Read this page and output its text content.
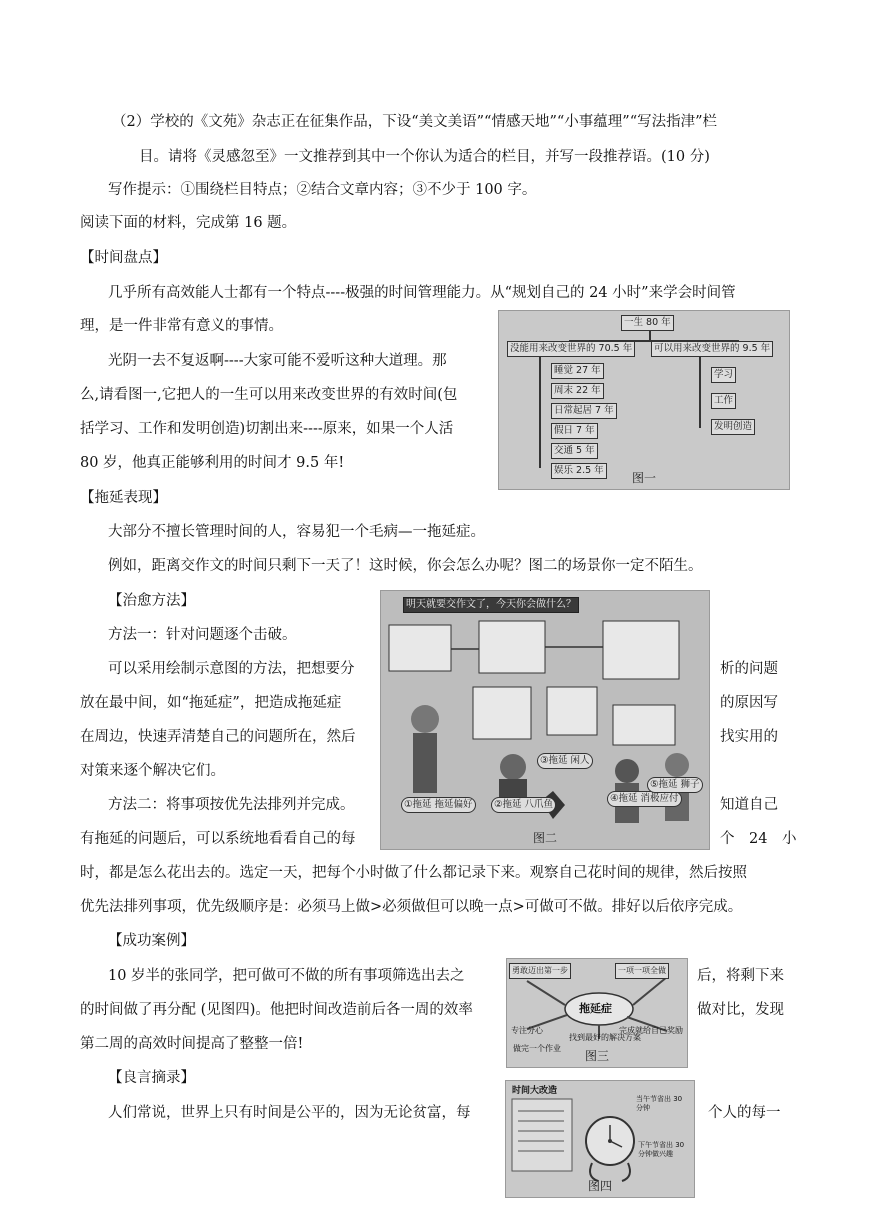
（2）学校的《文苑》杂志正在征集作品，下设“美文美语”“情感天地”“小事蕴理”“写法指津”栏
目。请将《灵感忽至》一文推荐到其中一个你认为适合的栏目，并写一段推荐语。(10 分)
写作提示：①围绕栏目特点；②结合文章内容；③不少于 100 字。
阅读下面的材料，完成第 16 题。
【时间盘点】
几乎所有高效能人士都有一个特点----极强的时间管理能力。从“规划自己的 24 小时”来学会时间管
理，是一件非常有意义的事情。
光阴一去不复返啊----大家可能不爱听这种大道理。那
么,请看图一,它把人的一生可以用来改变世界的有效时间(包
括学习、工作和发明创造)切割出来----原来，如果一个人活
80 岁，他真正能够利用的时间才 9.5 年!
一生 80 年
没能用来改变世界的 70.5 年	可以用来改变世界的 9.5 年
睡觉 27 年
周末 22 年
日常起居 7 年
假日 7 年
交通 5 年
娱乐 2.5 年
学习
工作
发明创造
图一
【拖延表现】
大部分不擅长管理时间的人，容易犯一个毛病—一拖延症。
例如，距离交作文的时间只剩下一天了！这时候，你会怎么办呢？图二的场景你一定不陌生。
【治愈方法】
方法一：针对问题逐个击破。
可以采用绘制示意图的方法，把想要分	析的问题
放在最中间，如“拖延症”，把造成拖延症	的原因写
在周边，快速弄清楚自己的问题所在，然后	找实用的
对策来逐个解决它们。
方法二：将事项按优先法排列并完成。	知道自己
有拖延的问题后，可以系统地看看自己的每	个　24　小
时，都是怎么花出去的。选定一天，把每个小时做了什么都记录下来。观察自己花时间的规律，然后按照
优先法排列事项，优先级顺序是：必须马上做>必须做但可以晚一点>可做可不做。排好以后依序完成。
明天就要交作文了，今天你会做什么？
①拖延 拖延偏好	②拖延 八爪鱼
③拖延 闲人
④拖延 消极应付
⑤拖延 狮子
图二
【成功案例】
10 岁半的张同学，把可做可不做的所有事项筛选出去之	后，将剩下来
的时间做了再分配 (见图四)。他把时间改造前后各一周的效率	做对比，发现
第二周的高效时间提高了整整一倍!
拖延症
勇敢迈出第一步	一项一项全做
专注分心
找到最好的解决方案
完成就给自己奖励
做完一个作业
图三
【良言摘录】
人们常说，世界上只有时间是公平的，因为无论贫富，每	个人的每一
时间大改造
当午节省出 30 分钟
下午节省出 30 分钟做兴趣
图四
